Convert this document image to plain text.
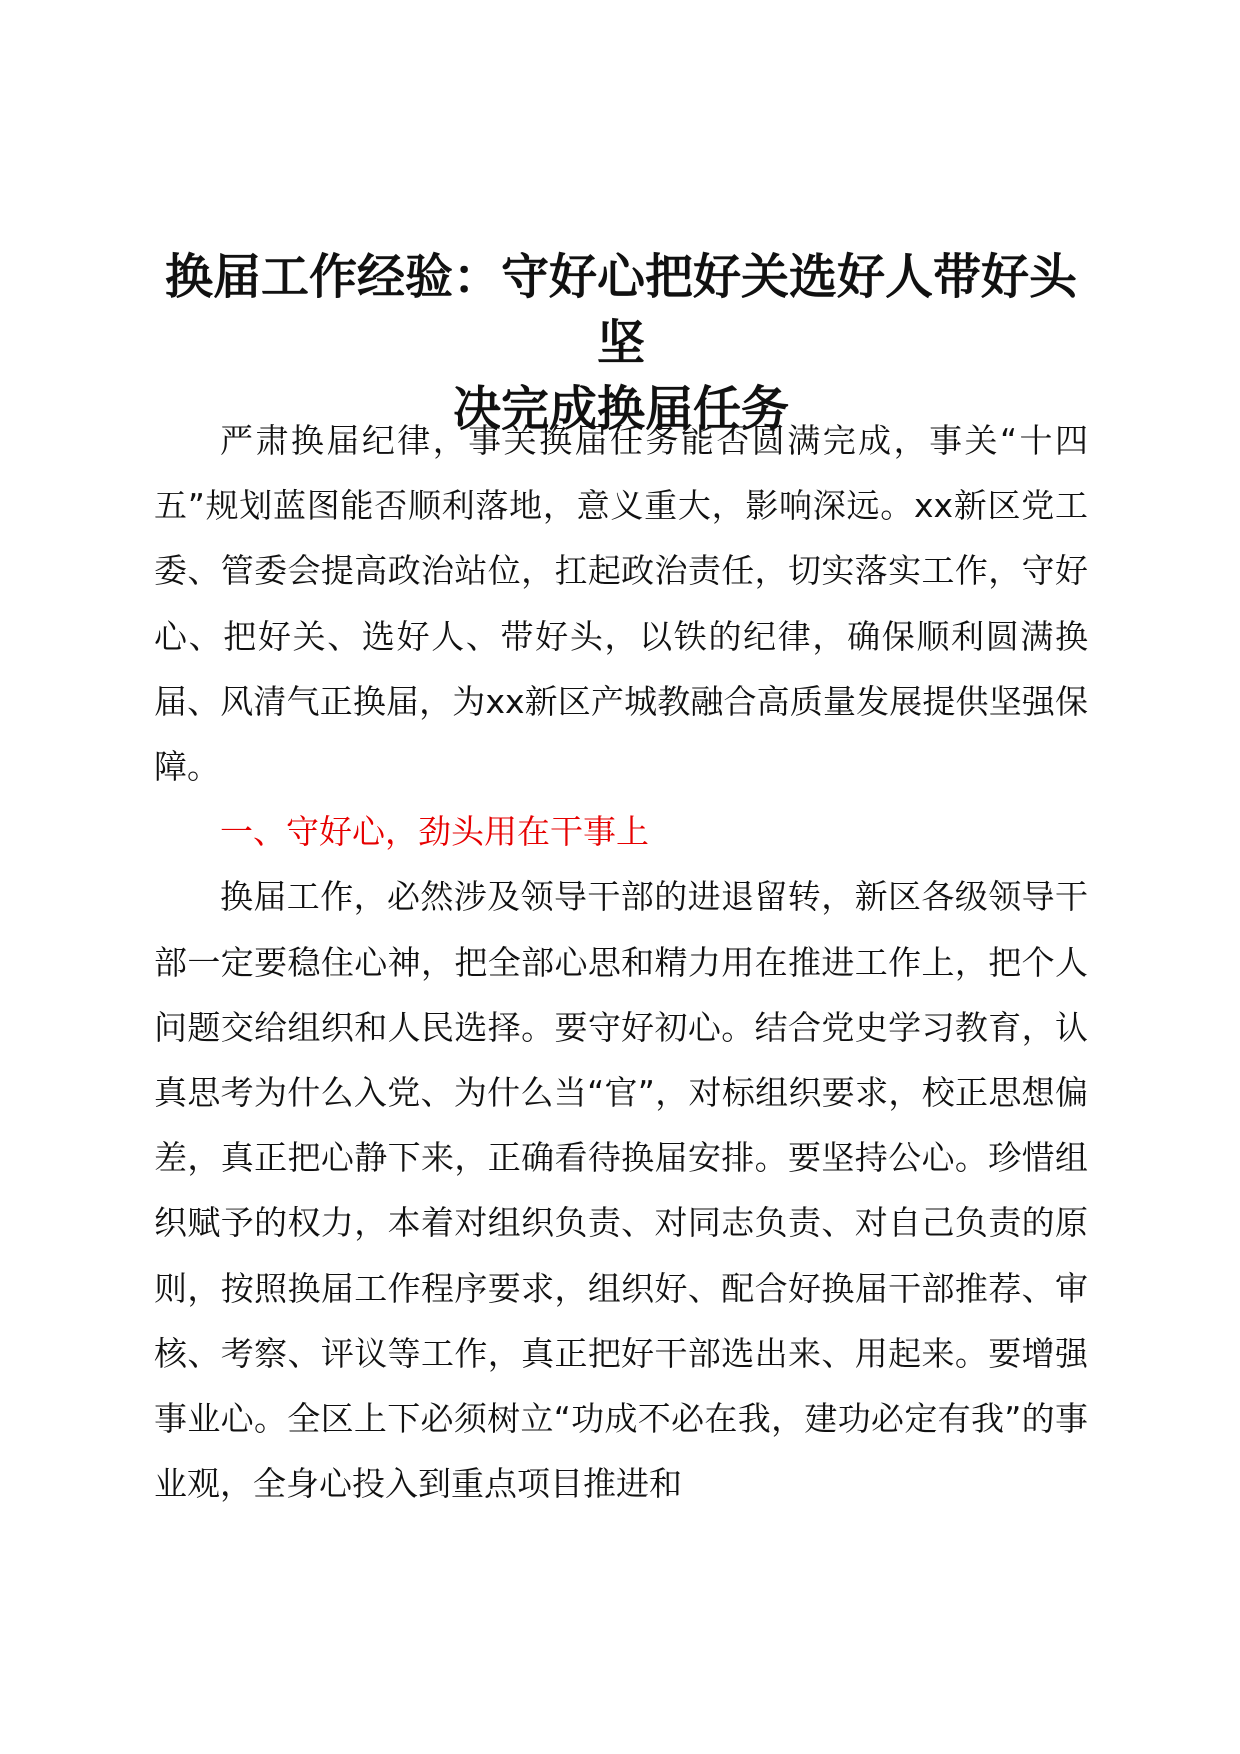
换届工作经验：守好心把好关选好人带好头坚
决完成换届任务

严肃换届纪律，事关换届任务能否圆满完成，事关“十四五”规划蓝图能否顺利落地，意义重大，影响深远。xx新区党工委、管委会提高政治站位，扛起政治责任，切实落实工作，守好心、把好关、选好人、带好头，以铁的纪律，确保顺利圆满换届、风清气正换届，为xx新区产城教融合高质量发展提供坚强保障。

一、守好心，劲头用在干事上

换届工作，必然涉及领导干部的进退留转，新区各级领导干部一定要稳住心神，把全部心思和精力用在推进工作上，把个人问题交给组织和人民选择。要守好初心。结合党史学习教育，认真思考为什么入党、为什么当“官”，对标组织要求，校正思想偏差，真正把心静下来，正确看待换届安排。要坚持公心。珍惜组织赋予的权力，本着对组织负责、对同志负责、对自己负责的原则，按照换届工作程序要求，组织好、配合好换届干部推荐、审核、考察、评议等工作，真正把好干部选出来、用起来。要增强事业心。全区上下必须树立“功成不必在我，建功必定有我”的事业观，全身心投入到重点项目推进和
